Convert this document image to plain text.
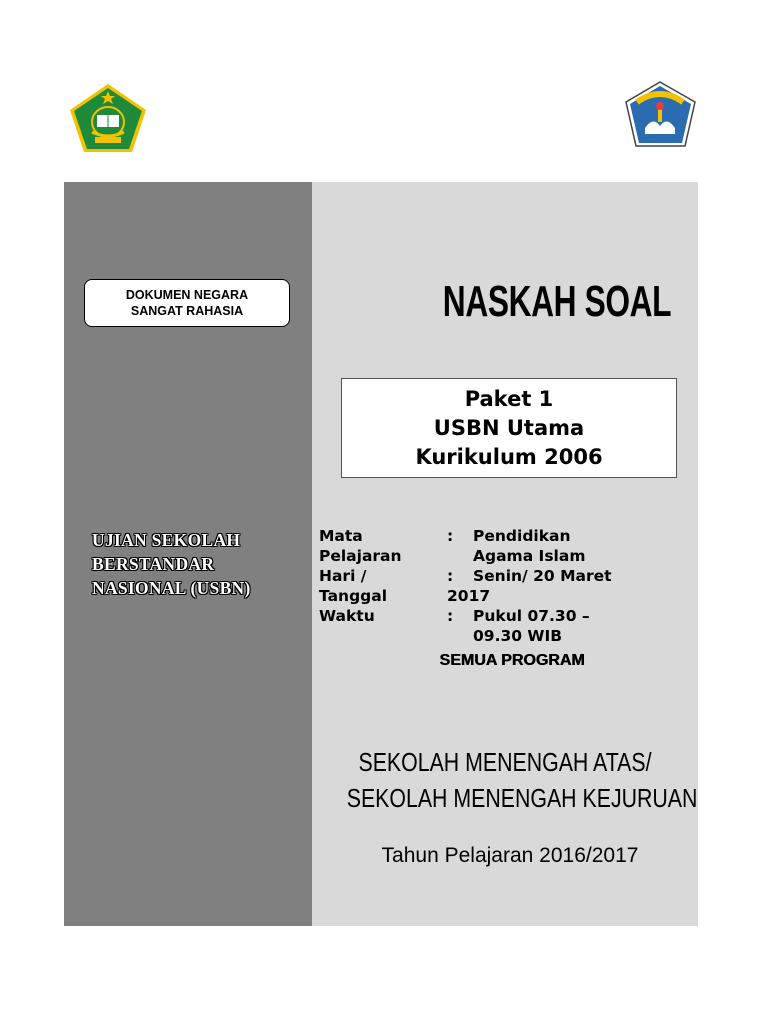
DOKUMEN NEGARA
SANGAT RAHASIA
UJIAN SEKOLAH
BERSTANDAR
NASIONAL (USBN)
NASKAH SOAL
Paket 1
USBN Utama
Kurikulum 2006
Mata	:	Pendidikan
Pelajaran	Agama Islam
Hari /	:	Senin/ 20 Maret
Tanggal	2017
Waktu	:	Pukul 07.30 –
09.30 WIB
SEMUA PROGRAM
SEKOLAH MENENGAH ATAS/
SEKOLAH MENENGAH KEJURUAN
Tahun Pelajaran 2016/2017
